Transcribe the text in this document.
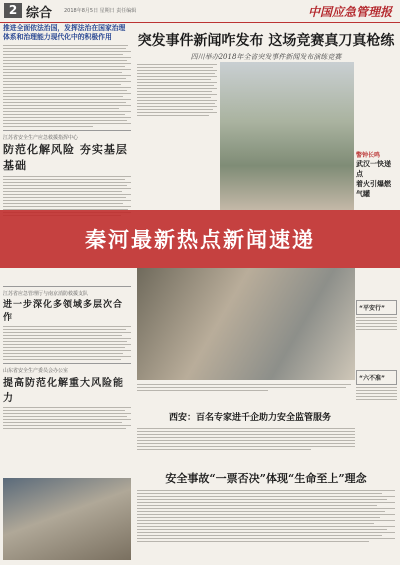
2 综合 2018年8月5日 星期日 责任编辑	中国应急管理报
推进全面依法治国，发挥法治在国家治理
体系和治理能力现代化中的积极作用
江苏省安全生产应急救援指挥中心
防范化解风险 夯实基层基础
江苏省应急管理厅与南京消防救援支队
进一步深化多领域多层次合作
山东省安全生产委员会办公室
提高防范化解重大风险能力
突发事件新闻咋发布 这场竞赛真刀真枪练
四川举办2018年全省突发事件新闻发布演练竞赛
警钟长鸣
武汉一快递点
着火引爆燃气罐
“平安行”
“六不准”
西安：百名专家进千企助力安全监管服务
安全事故“一票否决”体现“生命至上”理念
秦河最新热点新闻速递
